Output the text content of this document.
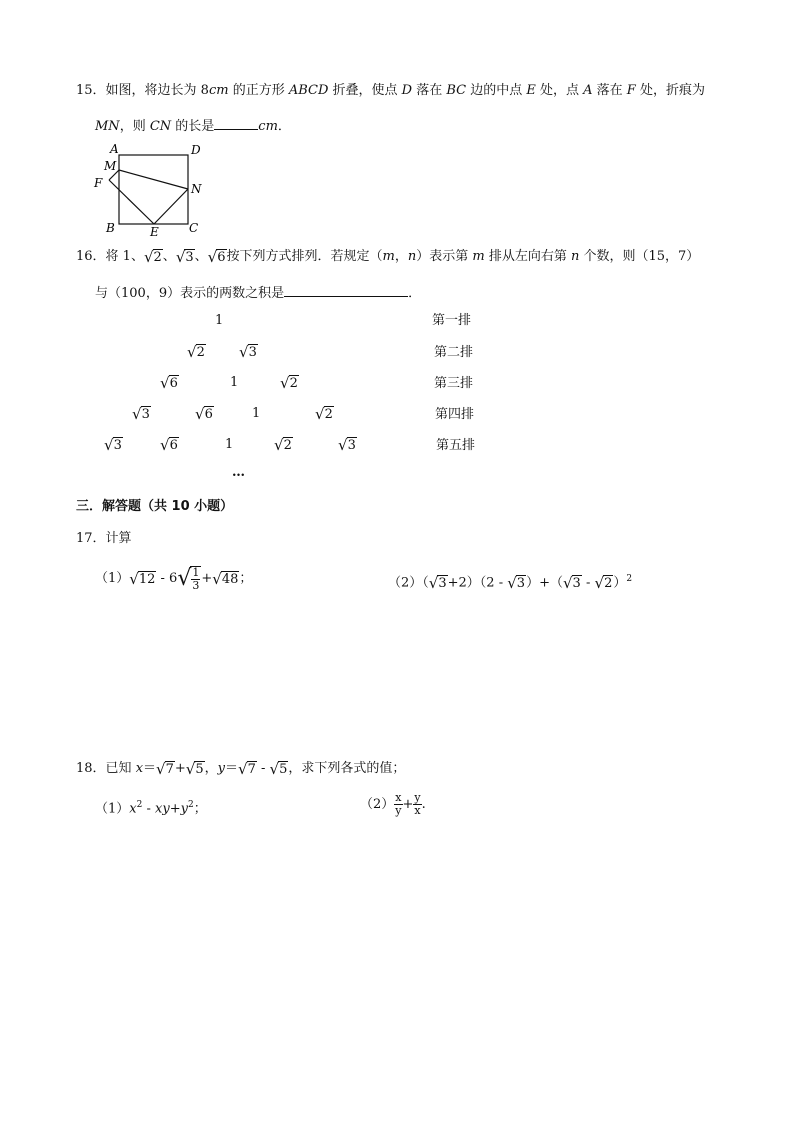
15．如图，将边长为 8cm 的正方形 ABCD 折叠，使点 D 落在 BC 边的中点 E 处，点 A 落在 F 处，折痕为
MN，则 CN 的长是	cm．
A	D
M
F	N
B	E	C
16．将 1、 √ 2 、 √ 3 、 √ 6 按下列方式排列．若规定（m，n）表示第 m 排从左向右第 n 个数，则（15，7）
与（100，9）表示的两数之积是	．
1	第一排
√ 2 √ 3	第二排
√ 6	1	√ 2	第三排
√ 3	√ 6	1	√ 2	第四排
√ 3	√ 6	1	√ 2	√ 3	第五排
…
三．解答题（共 10 小题）
17．计算
（1） √ 12 - 6 √ $\frac{1}{3}$ + √ 48 ；	（2）（ √ 3 +2）（2 - √ 3 ）+（ √ 3 - √ 2 ）$^2$
18．已知 x＝ √ 7 + √ 5 ，y＝ √ 7 - √ 5 ，求下列各式的值；
$(1)x^2 - xy+y^2$；	$(2) \frac{x}{y} + \frac{y}{x}$ .
